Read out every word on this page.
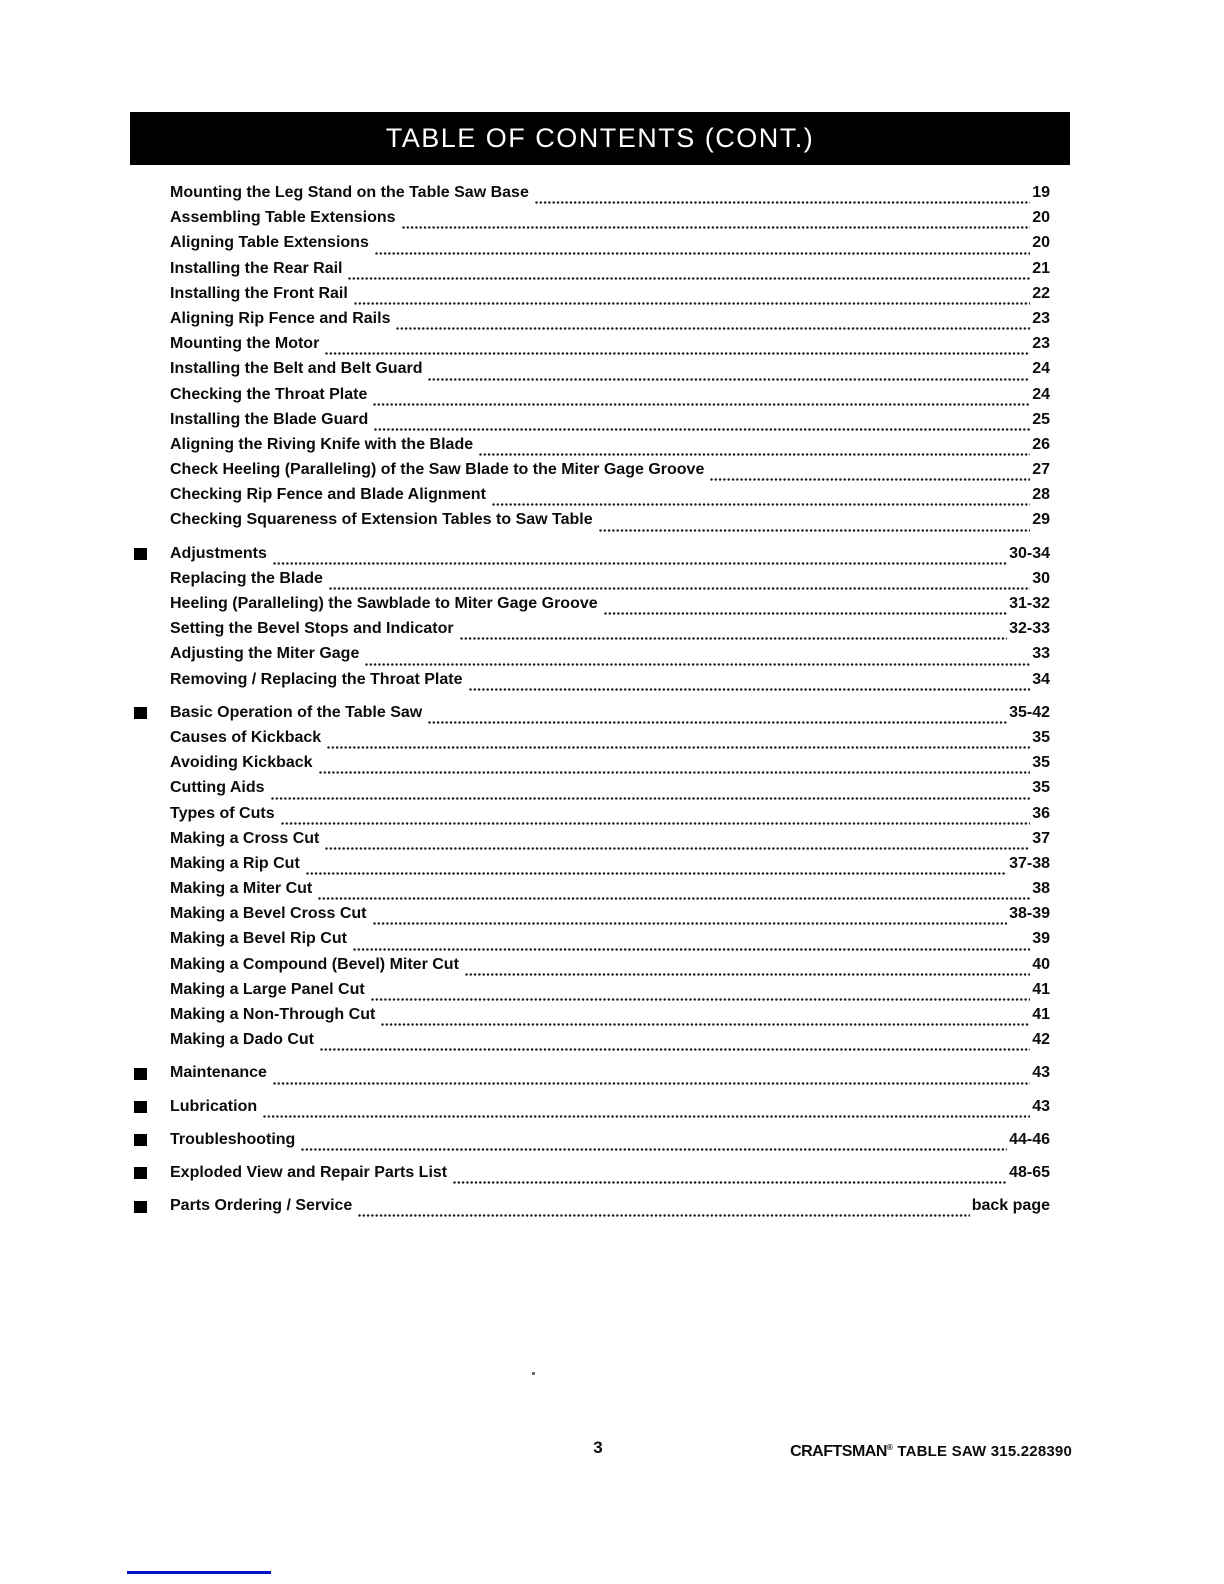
TABLE OF CONTENTS (CONT.)
Mounting the Leg Stand on the Table Saw Base	19
Assembling Table Extensions	20
Aligning Table Extensions	20
Installing the Rear Rail	21
Installing the Front Rail	22
Aligning Rip Fence and Rails	23
Mounting the Motor	23
Installing the Belt and Belt Guard	24
Checking the Throat Plate	24
Installing the Blade Guard	25
Aligning the Riving Knife with the Blade	26
Check Heeling (Paralleling) of the Saw Blade to the Miter Gage Groove	27
Checking Rip Fence and Blade Alignment	28
Checking Squareness of Extension Tables to Saw Table	29
Adjustments	30-34
Replacing the Blade	30
Heeling (Paralleling) the Sawblade to Miter Gage Groove	31-32
Setting the Bevel Stops and Indicator	32-33
Adjusting the Miter Gage	33
Removing / Replacing the Throat Plate	34
Basic Operation of the Table Saw	35-42
Causes of Kickback	35
Avoiding Kickback	35
Cutting Aids	35
Types of Cuts	36
Making a Cross Cut	37
Making a Rip Cut	37-38
Making a Miter Cut	38
Making a Bevel Cross Cut	38-39
Making a Bevel Rip Cut	39
Making a Compound (Bevel) Miter Cut	40
Making a Large Panel Cut	41
Making a Non-Through Cut	41
Making a Dado Cut	42
Maintenance	43
Lubrication	43
Troubleshooting	44-46
Exploded View and Repair Parts List	48-65
Parts Ordering / Service	back page
3	CRAFTSMAN® TABLE SAW 315.228390
